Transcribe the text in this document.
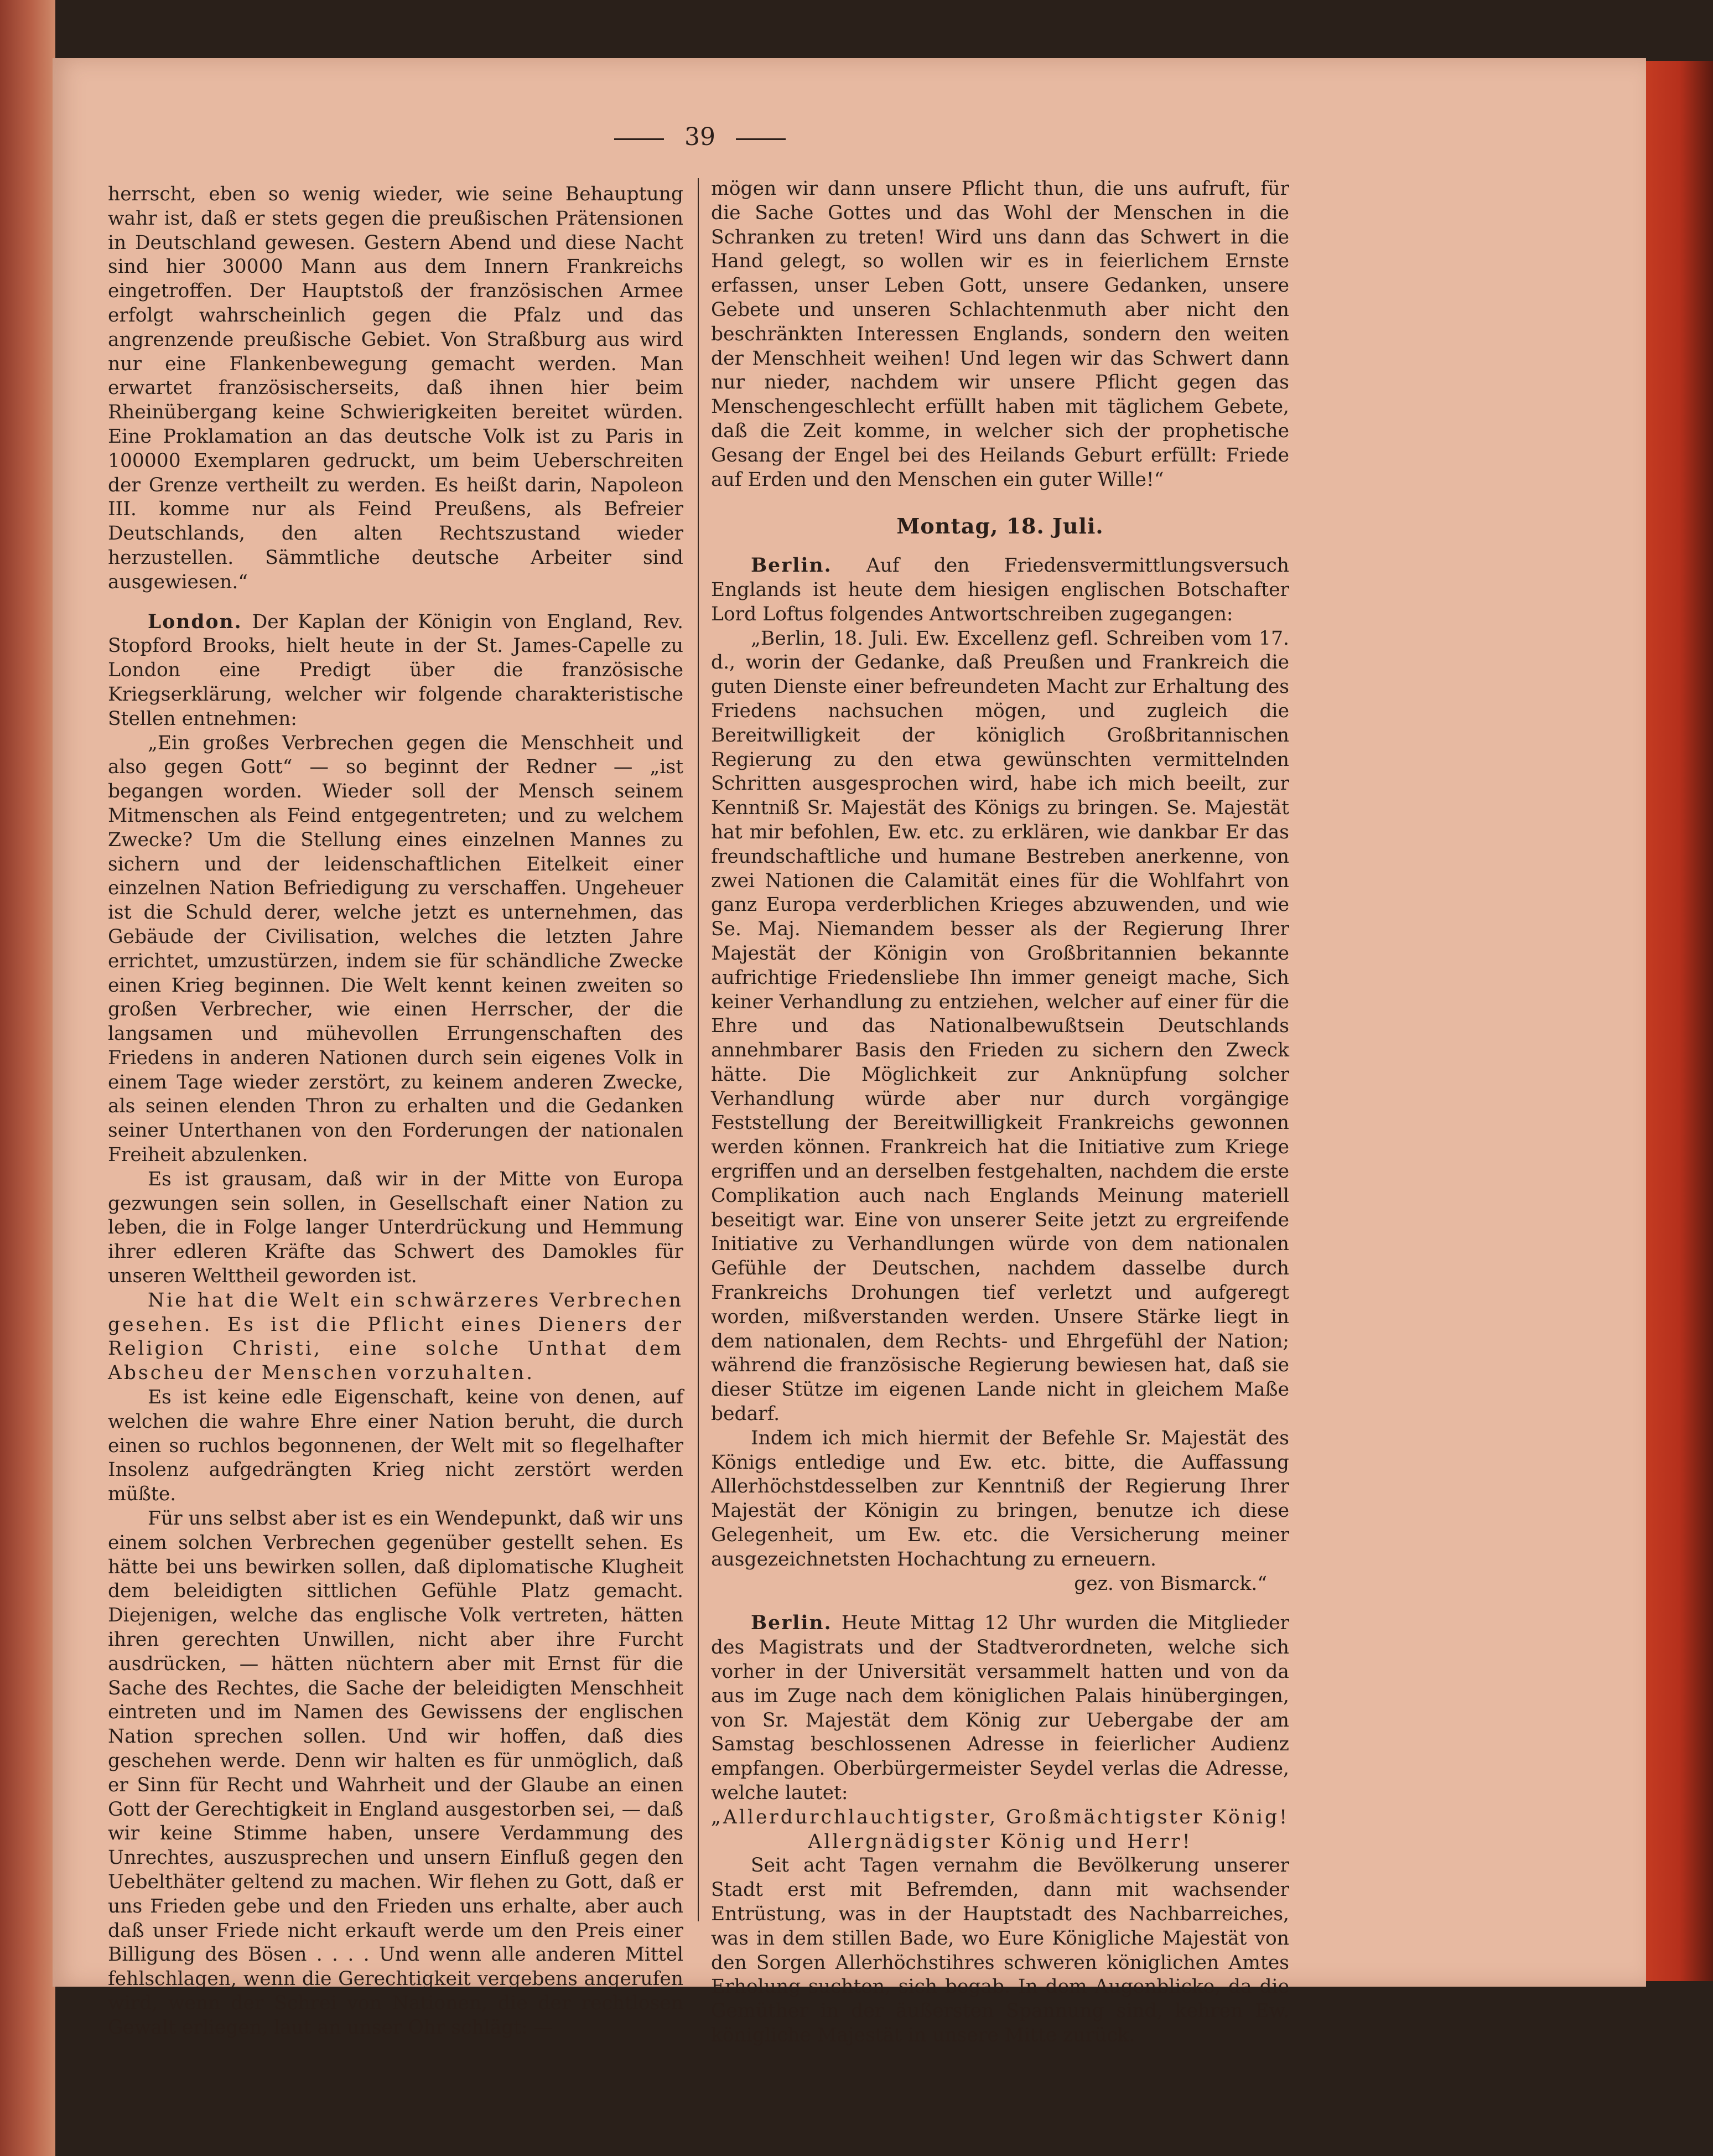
39

herrscht, eben so wenig wieder, wie seine Behauptung wahr ist, daß er stets gegen die preußischen Prätensionen in Deutschland gewesen. Gestern Abend und diese Nacht sind hier 30000 Mann aus dem Innern Frankreichs eingetroffen. Der Hauptstoß der französischen Armee erfolgt wahrscheinlich gegen die Pfalz und das angrenzende preußische Gebiet. Von Straßburg aus wird nur eine Flankenbewegung gemacht werden. Man erwartet französischerseits, daß ihnen hier beim Rheinübergang keine Schwierigkeiten bereitet würden. Eine Proklamation an das deutsche Volk ist zu Paris in 100000 Exemplaren gedruckt, um beim Ueberschreiten der Grenze vertheilt zu werden. Es heißt darin, Napoleon III. komme nur als Feind Preußens, als Befreier Deutschlands, den alten Rechtszustand wieder herzustellen. Sämmtliche deutsche Arbeiter sind ausgewiesen.“

London. Der Kaplan der Königin von England, Rev. Stopford Brooks, hielt heute in der St. James-Capelle zu London eine Predigt über die französische Kriegserklärung, welcher wir folgende charakteristische Stellen entnehmen:

„Ein großes Verbrechen gegen die Menschheit und also gegen Gott“ — so beginnt der Redner — „ist begangen worden. Wieder soll der Mensch seinem Mitmenschen als Feind entgegentreten; und zu welchem Zwecke? Um die Stellung eines einzelnen Mannes zu sichern und der leidenschaftlichen Eitelkeit einer einzelnen Nation Befriedigung zu verschaffen. Ungeheuer ist die Schuld derer, welche jetzt es unternehmen, das Gebäude der Civilisation, welches die letzten Jahre errichtet, umzustürzen, indem sie für schändliche Zwecke einen Krieg beginnen. Die Welt kennt keinen zweiten so großen Verbrecher, wie einen Herrscher, der die langsamen und mühevollen Errungenschaften des Friedens in anderen Nationen durch sein eigenes Volk in einem Tage wieder zerstört, zu keinem anderen Zwecke, als seinen elenden Thron zu erhalten und die Gedanken seiner Unterthanen von den Forderungen der nationalen Freiheit abzulenken.

Es ist grausam, daß wir in der Mitte von Europa gezwungen sein sollen, in Gesellschaft einer Nation zu leben, die in Folge langer Unterdrückung und Hemmung ihrer edleren Kräfte das Schwert des Damokles für unseren Welttheil geworden ist.

Nie hat die Welt ein schwärzeres Verbrechen gesehen. Es ist die Pflicht eines Dieners der Religion Christi, eine solche Unthat dem Abscheu der Menschen vorzuhalten.

Es ist keine edle Eigenschaft, keine von denen, auf welchen die wahre Ehre einer Nation beruht, die durch einen so ruchlos begonnenen, der Welt mit so flegelhafter Insolenz aufgedrängten Krieg nicht zerstört werden müßte.

Für uns selbst aber ist es ein Wendepunkt, daß wir uns einem solchen Verbrechen gegenüber gestellt sehen. Es hätte bei uns bewirken sollen, daß diplomatische Klugheit dem beleidigten sittlichen Gefühle Platz gemacht. Diejenigen, welche das englische Volk vertreten, hätten ihren gerechten Unwillen, nicht aber ihre Furcht ausdrücken, — hätten nüchtern aber mit Ernst für die Sache des Rechtes, die Sache der beleidigten Menschheit eintreten und im Namen des Gewissens der englischen Nation sprechen sollen. Und wir hoffen, daß dies geschehen werde. Denn wir halten es für unmöglich, daß er Sinn für Recht und Wahrheit und der Glaube an einen Gott der Gerechtigkeit in England ausgestorben sei, — daß wir keine Stimme haben, unsere Verdammung des Unrechtes, auszusprechen und unsern Einfluß gegen den Uebelthäter geltend zu machen. Wir flehen zu Gott, daß er uns Frieden gebe und den Frieden uns erhalte, aber auch daß unser Friede nicht erkauft werde um den Preis einer Billigung des Bösen . . . . Und wenn alle anderen Mittel fehlschlagen, wenn die Gerechtigkeit vergebens angerufen wird, wenn der Schrei von Nationen, die der rechtlosen Gewalt erliegen, laut an unser Ohr schlägt: —

mögen wir dann unsere Pflicht thun, die uns aufruft, für die Sache Gottes und das Wohl der Menschen in die Schranken zu treten! Wird uns dann das Schwert in die Hand gelegt, so wollen wir es in feierlichem Ernste erfassen, unser Leben Gott, unsere Gedanken, unsere Gebete und unseren Schlachtenmuth aber nicht den beschränkten Interessen Englands, sondern den weiten der Menschheit weihen! Und legen wir das Schwert dann nur nieder, nachdem wir unsere Pflicht gegen das Menschengeschlecht erfüllt haben mit täglichem Gebete, daß die Zeit komme, in welcher sich der prophetische Gesang der Engel bei des Heilands Geburt erfüllt: Friede auf Erden und den Menschen ein guter Wille!“

Montag, 18. Juli.

Berlin. Auf den Friedensvermittlungsversuch Englands ist heute dem hiesigen englischen Botschafter Lord Loftus folgendes Antwortschreiben zugegangen:

„Berlin, 18. Juli. Ew. Excellenz gefl. Schreiben vom 17. d., worin der Gedanke, daß Preußen und Frankreich die guten Dienste einer befreundeten Macht zur Erhaltung des Friedens nachsuchen mögen, und zugleich die Bereitwilligkeit der königlich Großbritannischen Regierung zu den etwa gewünschten vermittelnden Schritten ausgesprochen wird, habe ich mich beeilt, zur Kenntniß Sr. Majestät des Königs zu bringen. Se. Majestät hat mir befohlen, Ew. etc. zu erklären, wie dankbar Er das freundschaftliche und humane Bestreben anerkenne, von zwei Nationen die Calamität eines für die Wohlfahrt von ganz Europa verderblichen Krieges abzuwenden, und wie Se. Maj. Niemandem besser als der Regierung Ihrer Majestät der Königin von Großbritannien bekannte aufrichtige Friedensliebe Ihn immer geneigt mache, Sich keiner Verhandlung zu entziehen, welcher auf einer für die Ehre und das Nationalbewußtsein Deutschlands annehmbarer Basis den Frieden zu sichern den Zweck hätte. Die Möglichkeit zur Anknüpfung solcher Verhandlung würde aber nur durch vorgängige Feststellung der Bereitwilligkeit Frankreichs gewonnen werden können. Frankreich hat die Initiative zum Kriege ergriffen und an derselben festgehalten, nachdem die erste Complikation auch nach Englands Meinung materiell beseitigt war. Eine von unserer Seite jetzt zu ergreifende Initiative zu Verhandlungen würde von dem nationalen Gefühle der Deutschen, nachdem dasselbe durch Frankreichs Drohungen tief verletzt und aufgeregt worden, mißverstanden werden. Unsere Stärke liegt in dem nationalen, dem Rechts- und Ehrgefühl der Nation; während die französische Regierung bewiesen hat, daß sie dieser Stütze im eigenen Lande nicht in gleichem Maße bedarf.

Indem ich mich hiermit der Befehle Sr. Majestät des Königs entledige und Ew. etc. bitte, die Auffassung Allerhöchstdesselben zur Kenntniß der Regierung Ihrer Majestät der Königin zu bringen, benutze ich diese Gelegenheit, um Ew. etc. die Versicherung meiner ausgezeichnetsten Hochachtung zu erneuern.

gez. von Bismarck.“

Berlin. Heute Mittag 12 Uhr wurden die Mitglieder des Magistrats und der Stadtverordneten, welche sich vorher in der Universität versammelt hatten und von da aus im Zuge nach dem königlichen Palais hinübergingen, von Sr. Majestät dem König zur Uebergabe der am Samstag beschlossenen Adresse in feierlicher Audienz empfangen. Oberbürgermeister Seydel verlas die Adresse, welche lautet:

„Allerdurchlauchtigster, Großmächtigster König!

Allergnädigster König und Herr!

Seit acht Tagen vernahm die Bevölkerung unserer Stadt erst mit Befremden, dann mit wachsender Entrüstung, was in der Hauptstadt des Nachbarreiches, was in dem stillen Bade, wo Eure Königliche Majestät von den Sorgen Allerhöchstihres schweren königlichen Amtes Erholung suchten, sich begab. In dem Augenblicke, da die Gemüther in der äußersten Spannung sind, kehren Ew. königliche Majestät in unsere Mitte zurück.
